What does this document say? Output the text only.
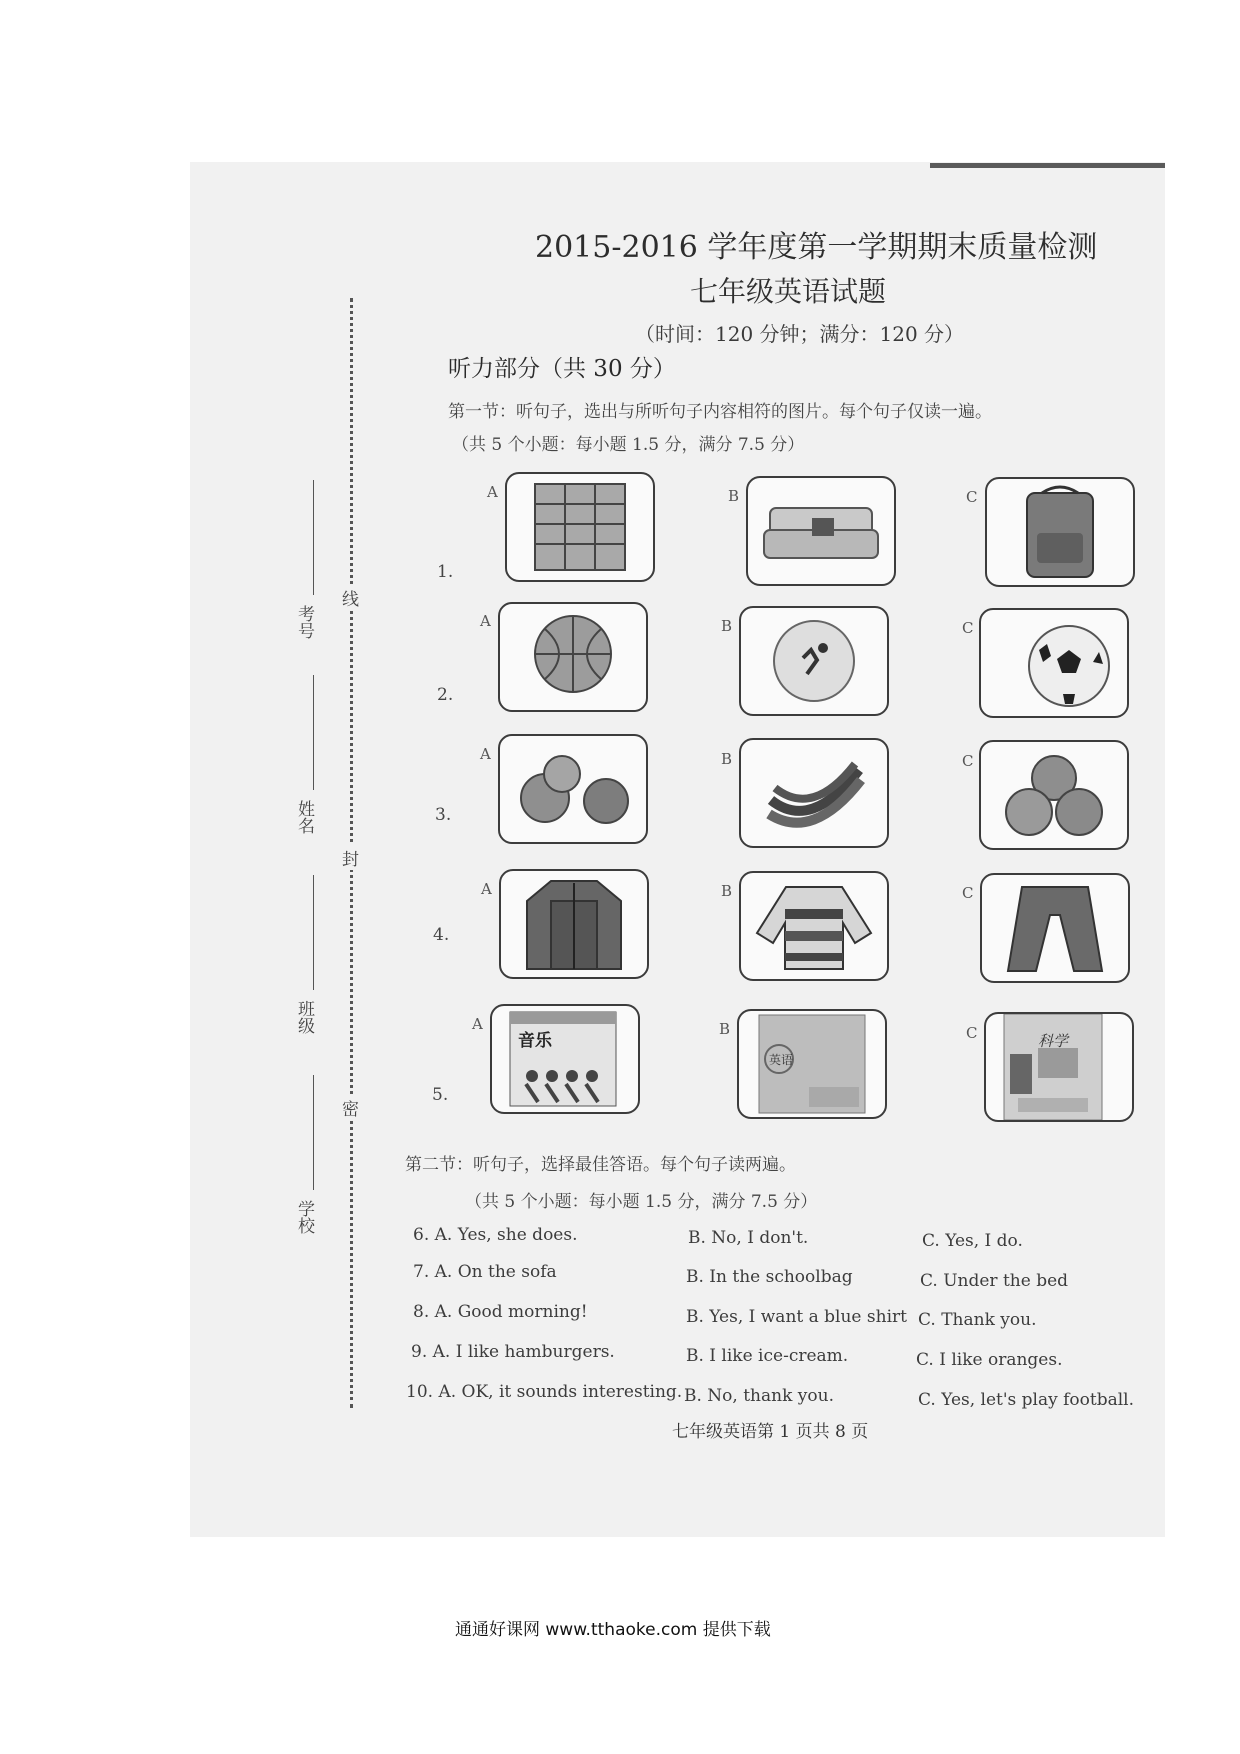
2015-2016 学年度第一学期期末质量检测
七年级英语试题
（时间：120 分钟；满分：120 分）
听力部分（共 30 分）
第一节：听句子，选出与所听句子内容相符的图片。每个句子仅读一遍。
（共 5 个小题：每小题 1.5 分，满分 7.5 分）
线
封
密
考号
姓名
班级
学校
1.
A	B	C
2.
A	B	C
3.
A	B	C
4.
A	B	C
5.
A
音乐
B
英语
C	科学
第二节：听句子，选择最佳答语。每个句子读两遍。
（共 5 个小题：每小题 1.5 分，满分 7.5 分）
6. A. Yes, she does.	B. No, I don't.	C. Yes, I do.
7. A. On the sofa	B. In the schoolbag	C. Under the bed
8. A. Good morning!	B. Yes, I want a blue shirt C. Thank you.
9. A. I like hamburgers.	B. I like ice-cream.	C. I like oranges.
10. A. OK, it sounds interesting. B. No, thank you.	C. Yes, let's play football.
七年级英语第 1 页共 8 页
通通好课网 www.tthaoke.com 提供下载
